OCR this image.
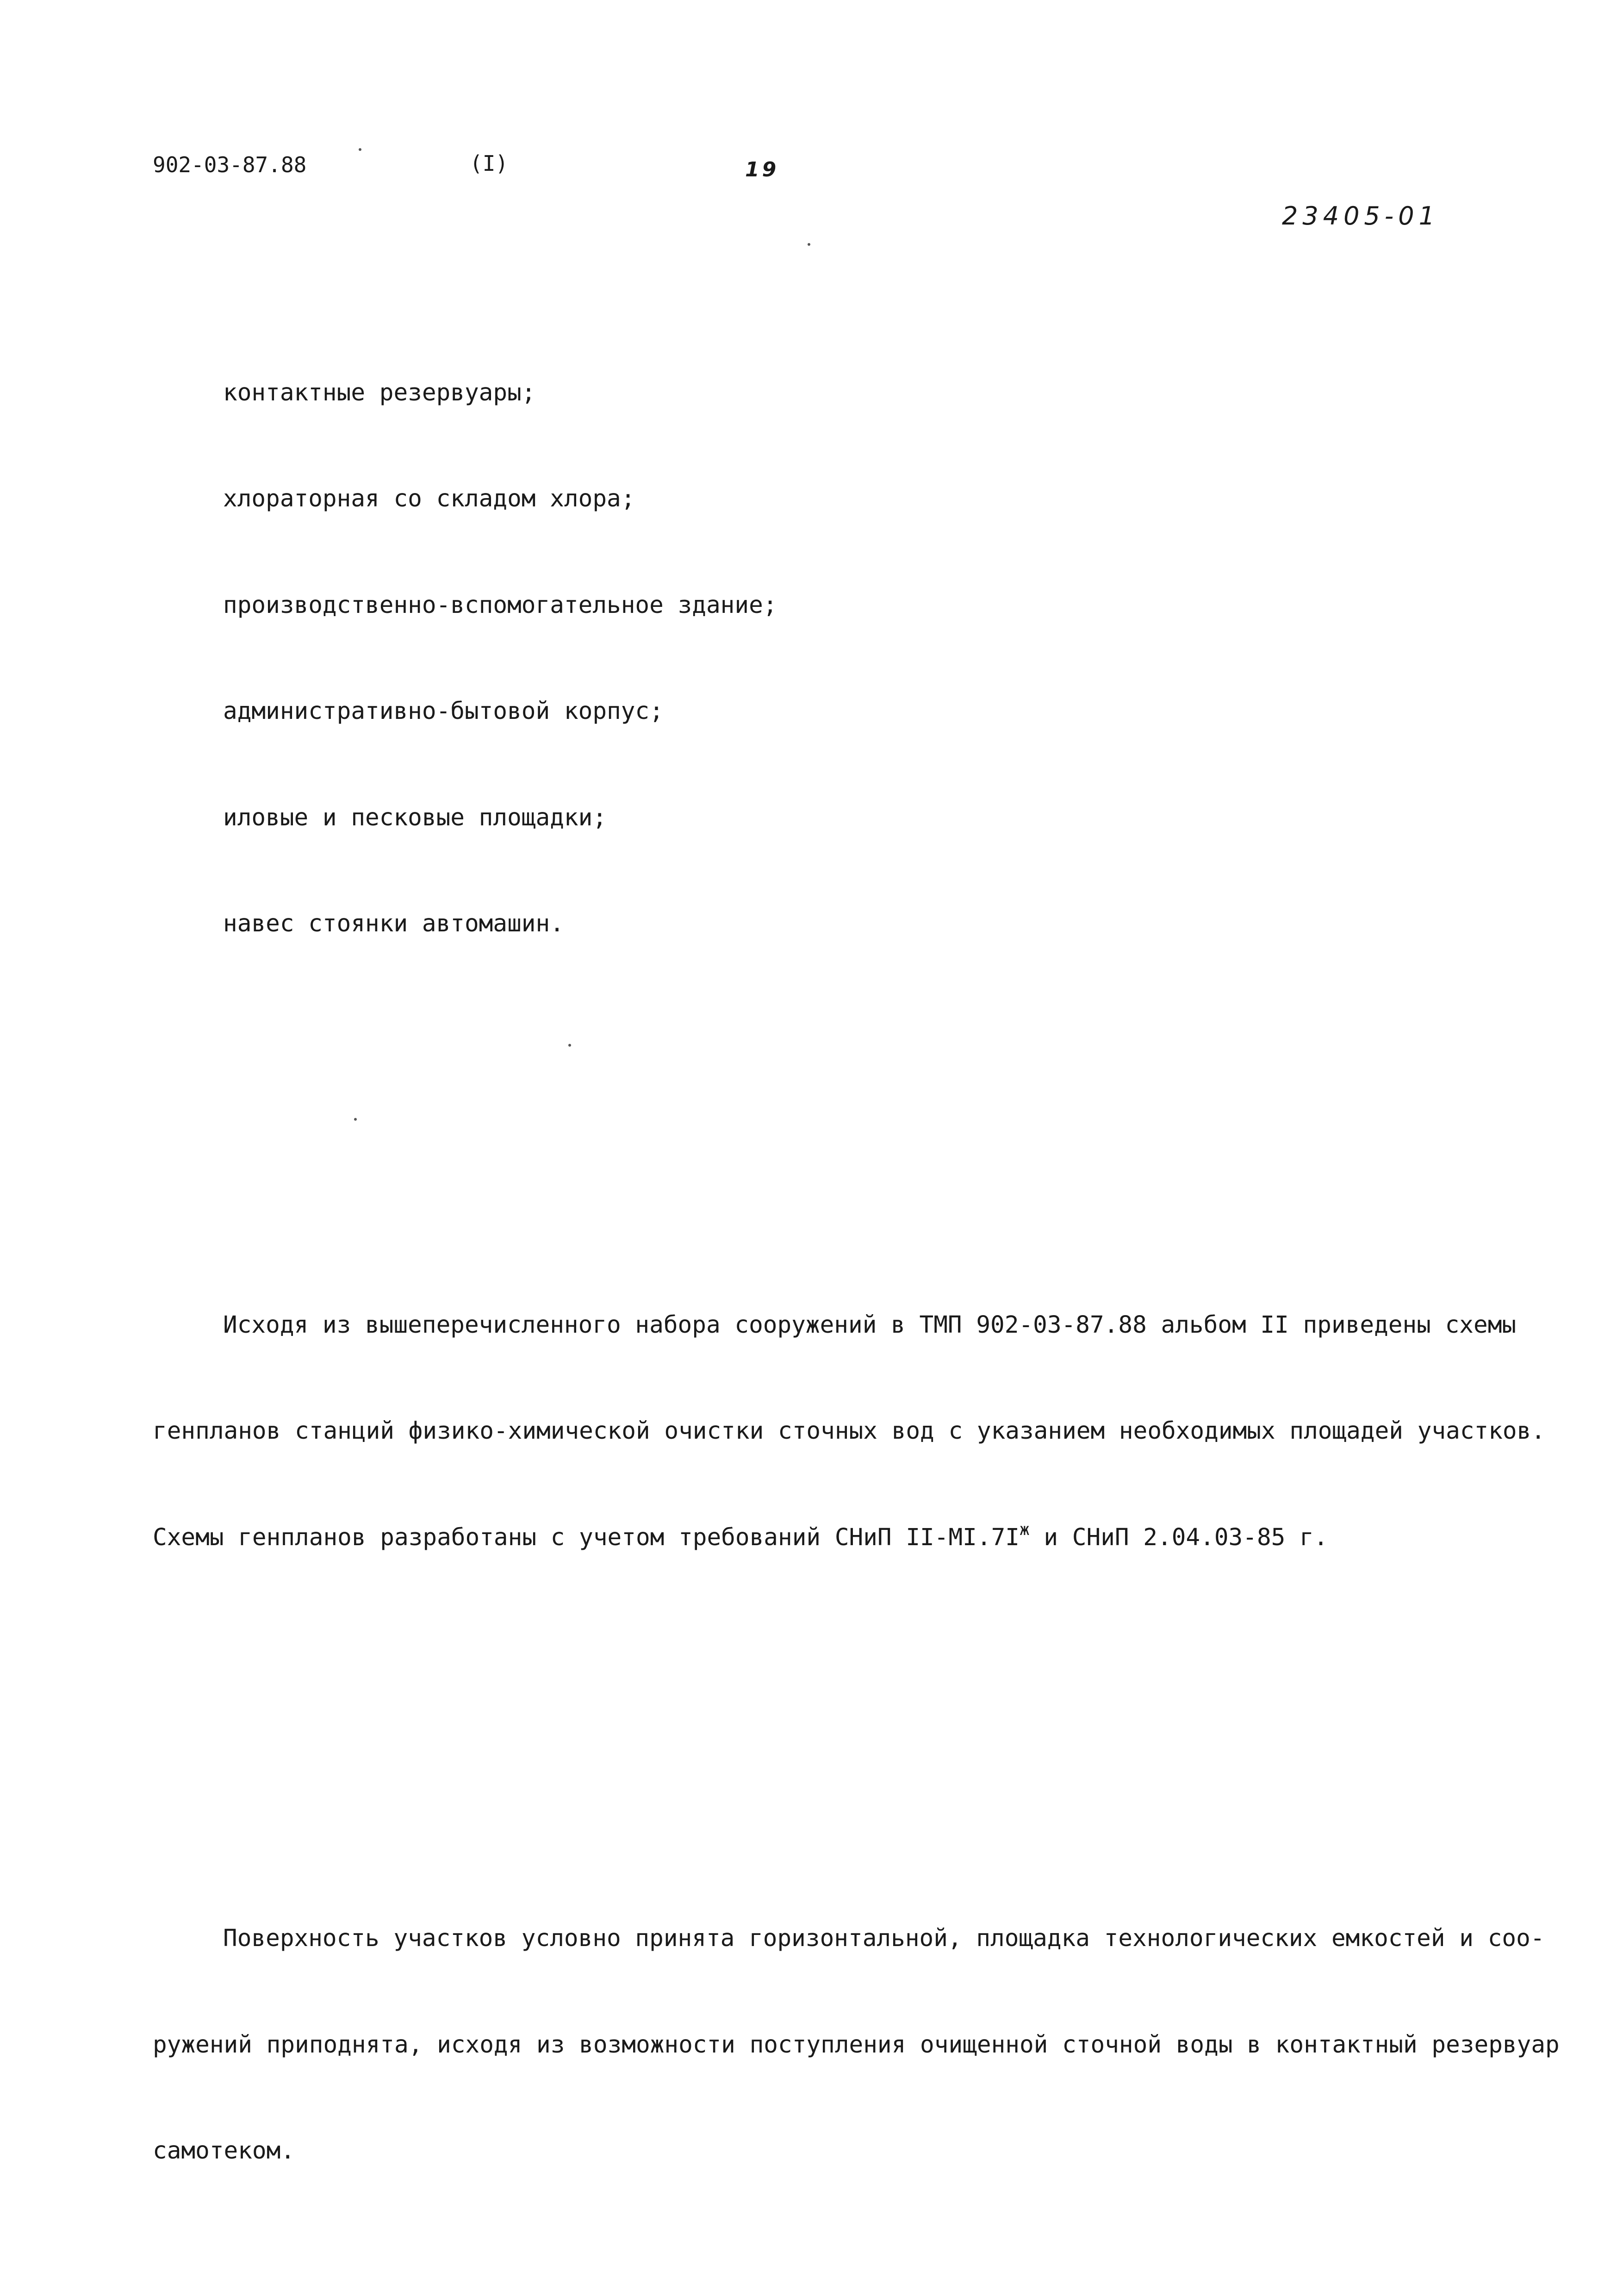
902-03-87.88	(I)	19
23405-01

контактные резервуары;

хлораторная со складом хлора;

производственно-вспомогательное здание;

административно-бытовой корпус;

иловые и песковые площадки;

навес стоянки автомашин.

Исходя из вышеперечисленного набора сооружений в ТМП 902-03-87.88 альбом II приведены схемы

генпланов станций физико-химической очистки сточных вод с указанием необходимых площадей участков.

Схемы генпланов разработаны с учетом требований СНиП $II-МI.7I^ж$ и СНиП 2.04.03-85 г.

Поверхность участков условно принята горизонтальной, площадка технологических емкостей и соо-

ружений приподнята, исходя из возможности поступления очищенной сточной воды в контактный резервуар

самотеком.
